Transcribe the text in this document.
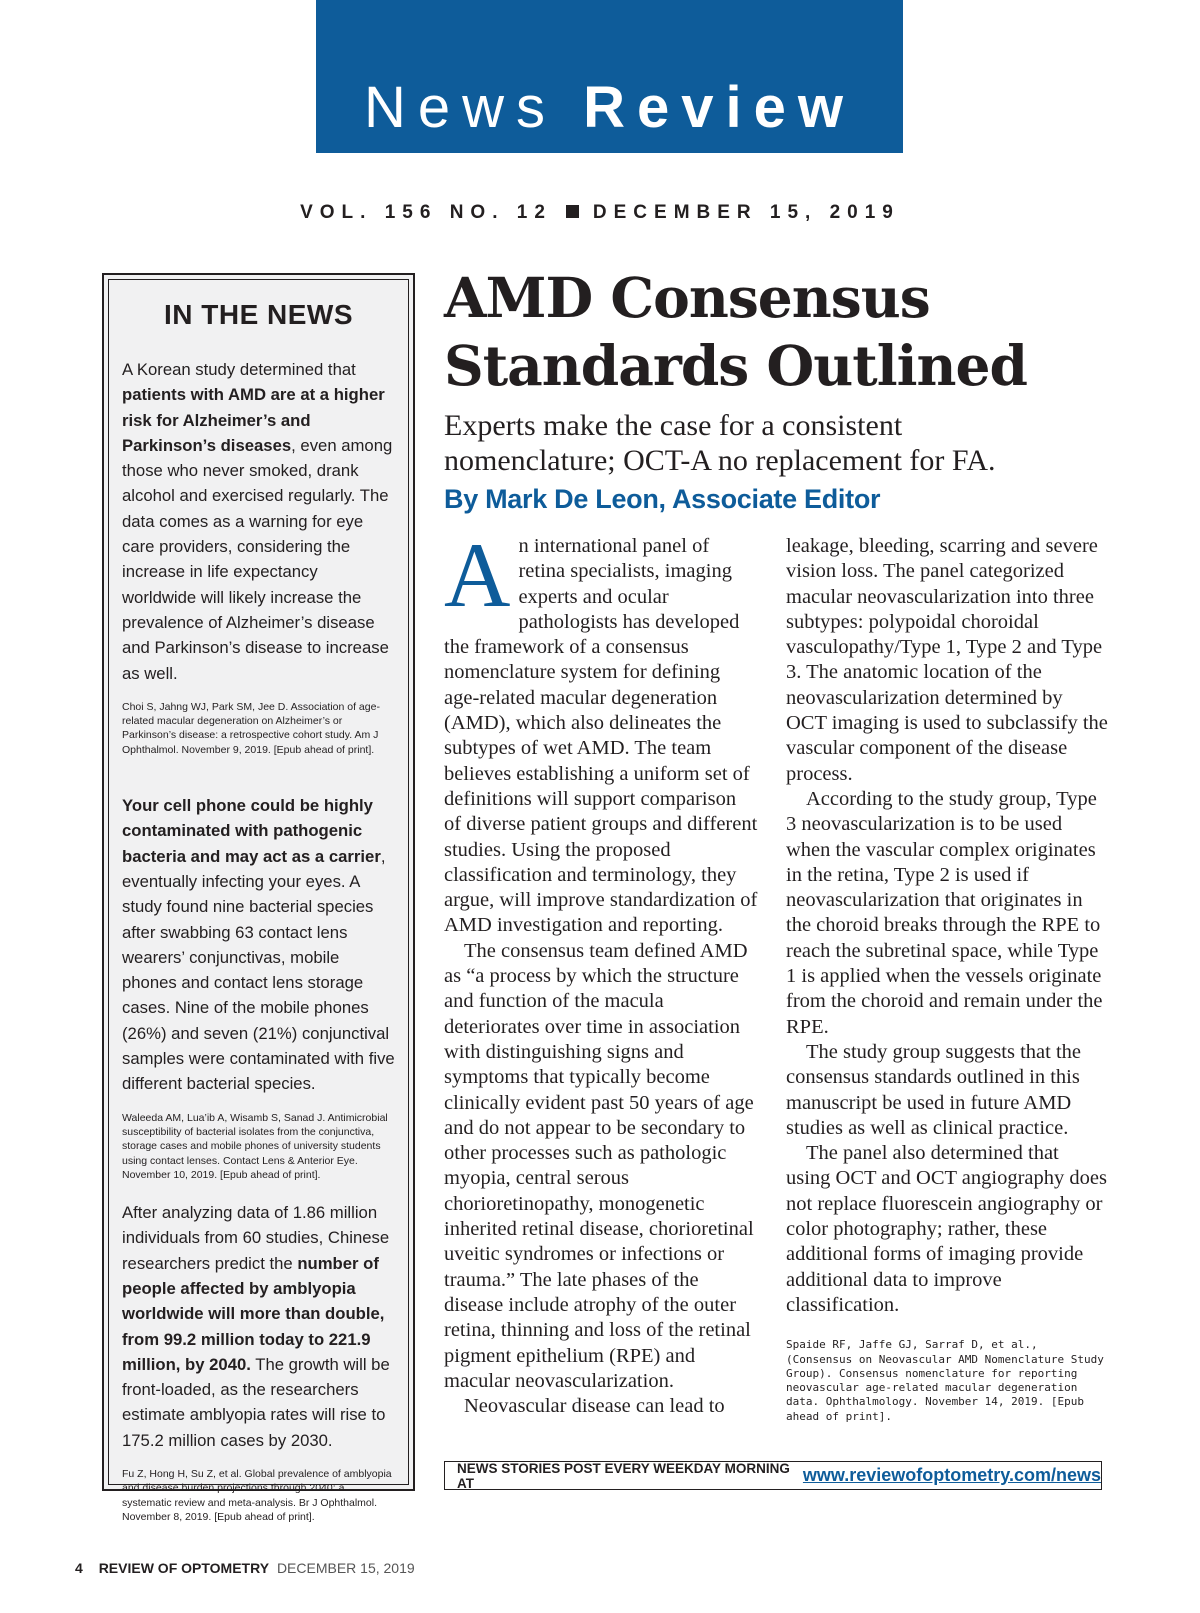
News Review
VOL. 156 NO. 12 DECEMBER 15, 2019
IN THE NEWS
A Korean study determined that patients with AMD are at a higher risk for Alzheimer’s and Parkinson’s diseases, even among those who never smoked, drank alcohol and exercised regularly. The data comes as a warning for eye care providers, considering the increase in life expectancy worldwide will likely increase the prevalence of Alzheimer’s disease and Parkinson’s disease to increase as well.
Choi S, Jahng WJ, Park SM, Jee D. Association of age-related macular degeneration on Alzheimer’s or Parkinson’s disease: a retrospective cohort study. Am J Ophthalmol. November 9, 2019. [Epub ahead of print].
Your cell phone could be highly contaminated with pathogenic bacteria and may act as a carrier, eventually infecting your eyes. A study found nine bacterial species after swabbing 63 contact lens wearers’ conjunctivas, mobile phones and contact lens storage cases. Nine of the mobile phones (26%) and seven (21%) conjunctival samples were contaminated with five different bacterial species.
Waleeda AM, Lua’ib A, Wisamb S, Sanad J. Antimicrobial susceptibility of bacterial isolates from the conjunctiva, storage cases and mobile phones of university students using contact lenses. Contact Lens & Anterior Eye. November 10, 2019. [Epub ahead of print].
After analyzing data of 1.86 million individuals from 60 studies, Chinese researchers predict the number of people affected by amblyopia worldwide will more than double, from 99.2 million today to 221.9 million, by 2040. The growth will be front-loaded, as the researchers estimate amblyopia rates will rise to 175.2 million cases by 2030.
Fu Z, Hong H, Su Z, et al. Global prevalence of amblyopia and disease burden projections through 2040: a systematic review and meta-analysis. Br J Ophthalmol. November 8, 2019. [Epub ahead of print].
AMD Consensus
Standards Outlined
Experts make the case for a consistent
nomenclature; OCT-A no replacement for FA.
By Mark De Leon, Associate Editor

An international panel of retina specialists, imaging experts and ocular pathologists has developed the framework of a consensus nomenclature system for defining age-related macular degeneration (AMD), which also delineates the subtypes of wet AMD. The team believes establishing a uniform set of definitions will support comparison of diverse patient groups and different studies. Using the proposed classification and terminology, they argue, will improve standardization of AMD investigation and reporting.

The consensus team defined AMD as “a process by which the structure and function of the macula deteriorates over time in association with distinguishing signs and symptoms that typically become clinically evident past 50 years of age and do not appear to be secondary to other processes such as pathologic myopia, central serous chorioretinopathy, monogenetic inherited retinal disease, chorioretinal uveitic syndromes or infections or trauma.” The late phases of the disease include atrophy of the outer retina, thinning and loss of the retinal pigment epithelium (RPE) and macular neovascularization.

Neovascular disease can lead to

leakage, bleeding, scarring and severe vision loss. The panel categorized macular neovascularization into three subtypes: polypoidal choroidal vasculopathy/Type 1, Type 2 and Type 3. The anatomic location of the neovascularization determined by OCT imaging is used to subclassify the vascular component of the disease process.

According to the study group, Type 3 neovascularization is to be used when the vascular complex originates in the retina, Type 2 is used if neovascularization that originates in the choroid breaks through the RPE to reach the subretinal space, while Type 1 is applied when the vessels originate from the choroid and remain under the RPE.

The study group suggests that the consensus standards outlined in this manuscript be used in future AMD studies as well as clinical practice.

The panel also determined that using OCT and OCT angiography does not replace fluorescein angiography or color photography; rather, these additional forms of imaging provide additional data to improve classification.

Spaide RF, Jaffe GJ, Sarraf D, et al., (Consensus on Neovascular AMD Nomenclature Study Group). Consensus nomenclature for reporting neovascular age-related macular degeneration data. Ophthalmology. November 14, 2019. [Epub ahead of print].
NEWS STORIES POST EVERY WEEKDAY MORNING AT	www.reviewofoptometry.com/news
4 REVIEW OF OPTOMETRY DECEMBER 15, 2019
